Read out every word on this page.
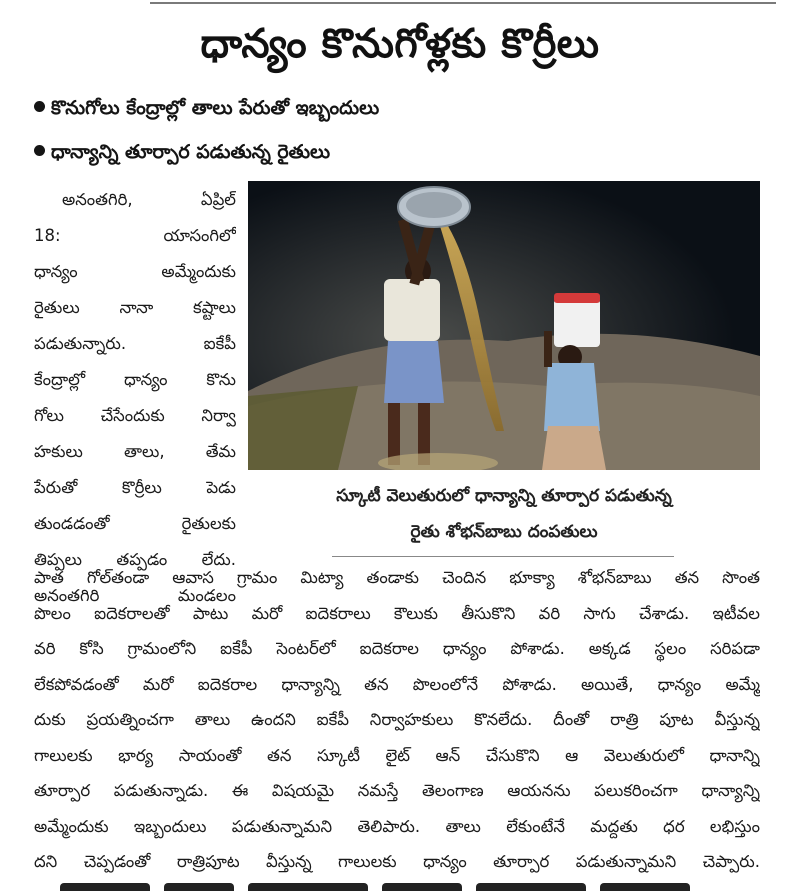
ధాన్యం కొనుగోళ్లకు కొర్రీలు
కొనుగోలు కేంద్రాల్లో తాలు పేరుతో ఇబ్బందులు
ధాన్యాన్ని తూర్పార పడుతున్న రైతులు
అనంతగిరి, ఏప్రిల్
18: యాసంగిలో
ధాన్యం అమ్మేందుకు
రైతులు నానా కష్టాలు
పడుతున్నారు. ఐకేపీ
కేంద్రాల్లో ధాన్యం కొను
గోలు చేసేందుకు నిర్వా
హకులు తాలు, తేమ
పేరుతో కొర్రీలు పెడు
తుండడంతో రైతులకు
తిప్పలు తప్పడం లేదు.
అనంతగిరి మండలం
స్కూటీ వెలుతురులో ధాన్యాన్ని తూర్పార పడుతున్న
రైతు శోభన్‌బాబు దంపతులు
పాత గోల్‌తండా ఆవాస గ్రామం మిట్యా తండాకు చెందిన భూక్యా శోభన్‌బాబు తన సొంత
పొలం ఐదెకరాలతో పాటు మరో ఐదెకరాలు కౌలుకు తీసుకొని వరి సాగు చేశాడు. ఇటీవల
వరి కోసి గ్రామంలోని ఐకేపీ సెంటర్‌లో ఐదెకరాల ధాన్యం పోశాడు. అక్కడ స్థలం సరిపడా
లేకపోవడంతో మరో ఐదెకరాల ధాన్యాన్ని తన పొలంలోనే పోశాడు. అయితే, ధాన్యం అమ్మే
దుకు ప్రయత్నించగా తాలు ఉందని ఐకేపీ నిర్వాహకులు కొనలేదు. దీంతో రాత్రి పూట వీస్తున్న
గాలులకు భార్య సాయంతో తన స్కూటీ లైట్ ఆన్ చేసుకొని ఆ వెలుతురులో ధానాన్ని
తూర్పార పడుతున్నాడు. ఈ విషయమై నమస్తే తెలంగాణ ఆయనను పలుకరించగా ధాన్యాన్ని
అమ్మేందుకు ఇబ్బందులు పడుతున్నామని తెలిపారు. తాలు లేకుంటేనే మద్దతు ధర లభిస్తుం
దని చెప్పడంతో రాత్రిపూట వీస్తున్న గాలులకు ధాన్యం తూర్పార పడుతున్నామని చెప్పారు.
